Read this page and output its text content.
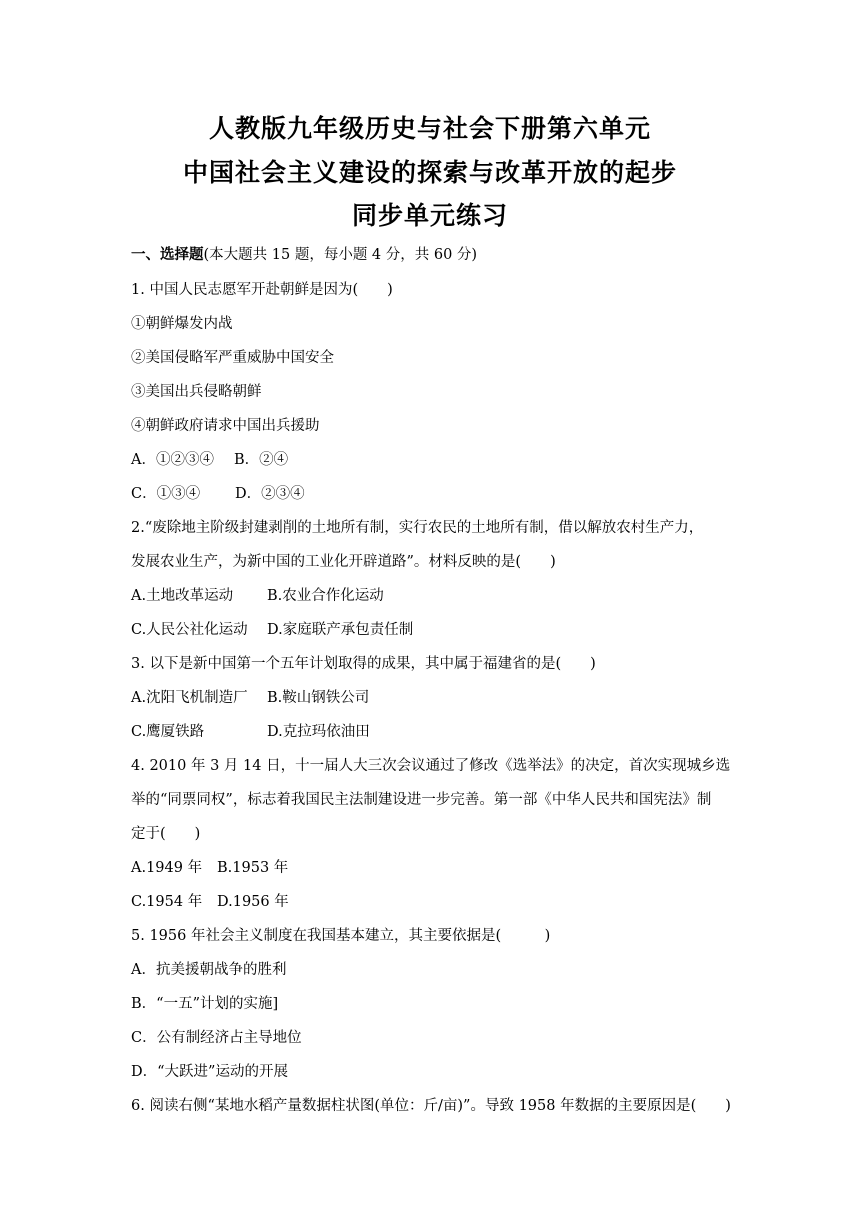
人教版九年级历史与社会下册第六单元
中国社会主义建设的探索与改革开放的起步
同步单元练习
一、选择题(本大题共 15 题，每小题 4 分，共 60 分)
1. 中国人民志愿军开赴朝鲜是因为(　　)
①朝鲜爆发内战
②美国侵略军严重威胁中国安全
③美国出兵侵略朝鲜
④朝鲜政府请求中国出兵援助
A．①②③④ B．②④
C．①③④ D．②③④
2.“废除地主阶级封建剥削的土地所有制，实行农民的土地所有制，借以解放农村生产力，
发展农业生产，为新中国的工业化开辟道路”。材料反映的是(　　)
A.土地改革运动 B.农业合作化运动
C.人民公社化运动 D.家庭联产承包责任制
3. 以下是新中国第一个五年计划取得的成果，其中属于福建省的是(　　)
A.沈阳飞机制造厂 B.鞍山钢铁公司
C.鹰厦铁路	D.克拉玛依油田
4. 2010 年 3 月 14 日，十一届人大三次会议通过了修改《选举法》的决定，首次实现城乡选
举的“同票同权”，标志着我国民主法制建设进一步完善。第一部《中华人民共和国宪法》制
定于(　　)
A.1949 年 B.1953 年
C.1954 年 D.1956 年
5. 1956 年社会主义制度在我国基本建立，其主要依据是(　　　)
A．抗美援朝战争的胜利
B．“一五”计划的实施]
C．公有制经济占主导地位
D．“大跃进”运动的开展
6. 阅读右侧“某地水稻产量数据柱状图(单位：斤/亩)”。导致 1958 年数据的主要原因是(　　)
